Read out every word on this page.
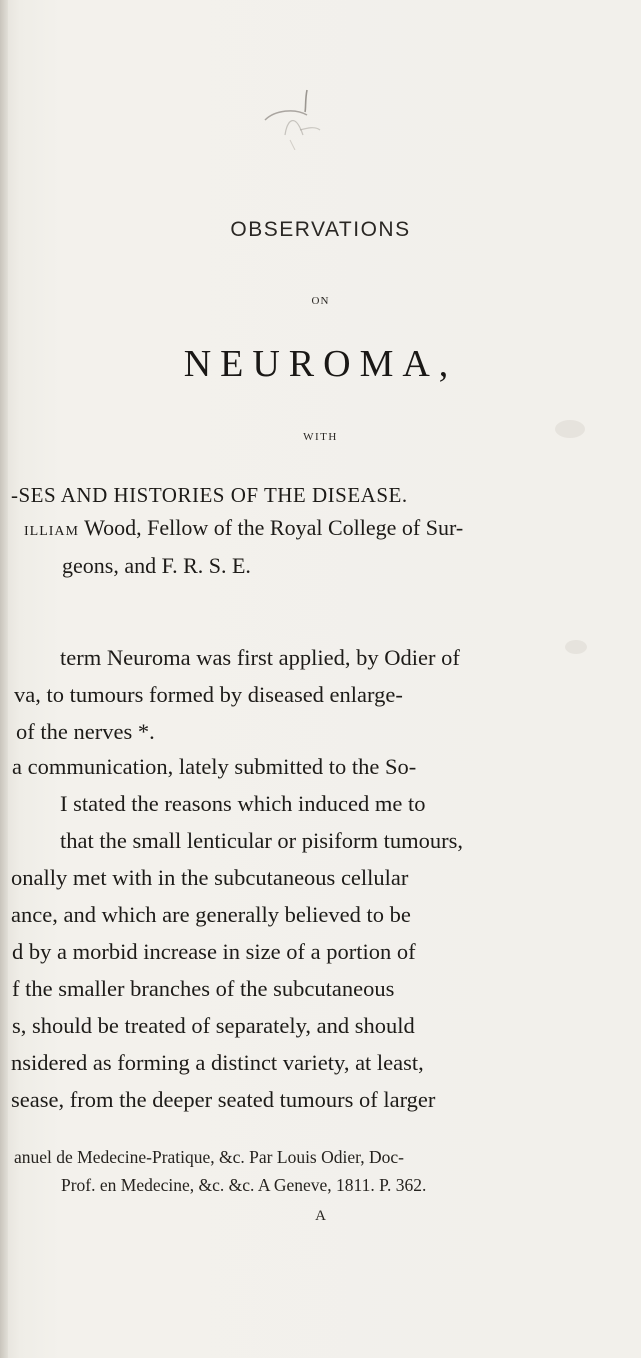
OBSERVATIONS
ON
NEUROMA,
WITH
-SES AND HISTORIES OF THE DISEASE.
ILLIAM Wood, Fellow of the Royal College of Sur-
geons, and F. R. S. E.
term Neuroma was first applied, by Odier of
va, to tumours formed by diseased enlarge-
of the nerves *.
a communication, lately submitted to the So-
I stated the reasons which induced me to
that the small lenticular or pisiform tumours,
onally met with in the subcutaneous cellular
ance, and which are generally believed to be
d by a morbid increase in size of a portion of
f the smaller branches of the subcutaneous
s, should be treated of separately, and should
nsidered as forming a distinct variety, at least,
sease, from the deeper seated tumours of larger
anuel de Medecine-Pratique, &c. Par Louis Odier, Doc-
Prof. en Medecine, &c. &c. A Geneve, 1811. P. 362.
A
